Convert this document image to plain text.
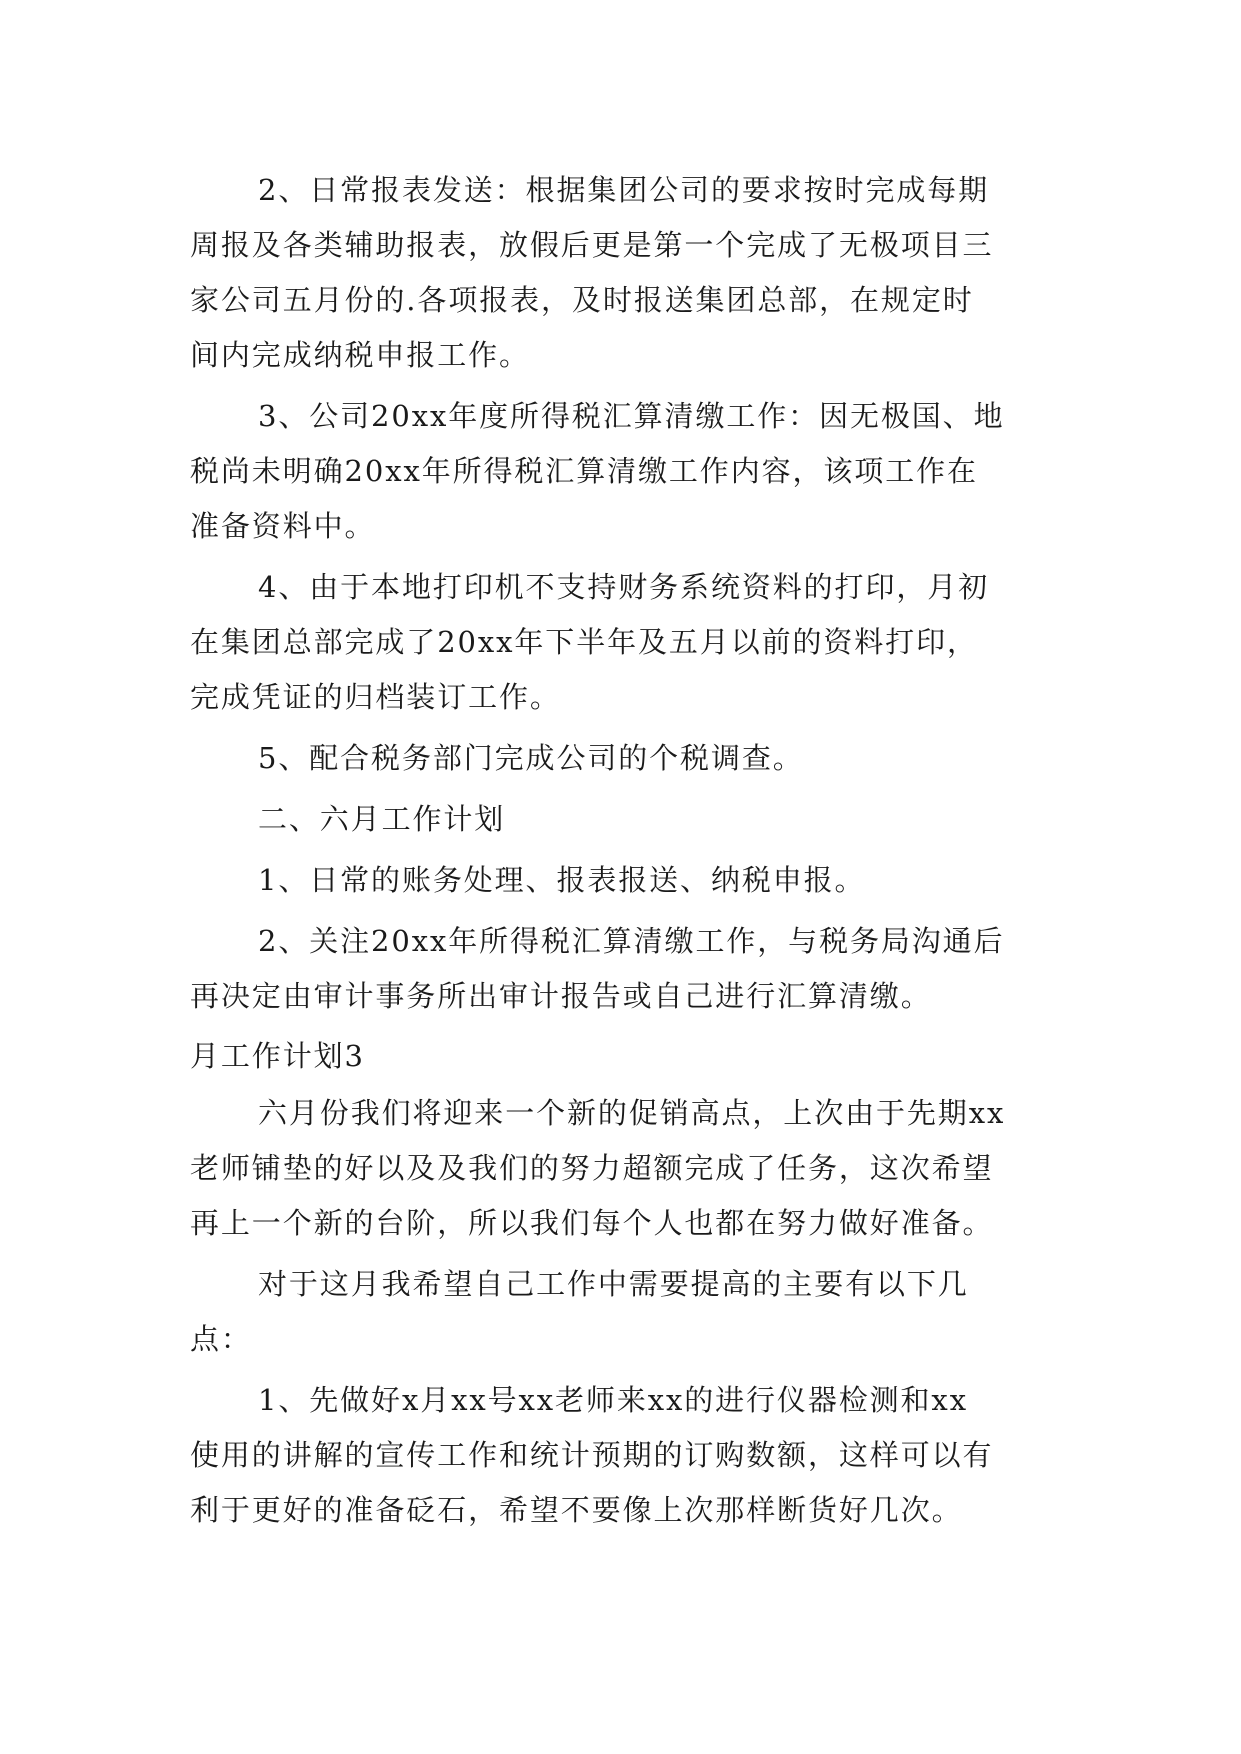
2、日常报表发送：根据集团公司的要求按时完成每期

周报及各类辅助报表，放假后更是第一个完成了无极项目三

家公司五月份的.各项报表，及时报送集团总部，在规定时

间内完成纳税申报工作。

3、公司20xx年度所得税汇算清缴工作：因无极国、地

税尚未明确20xx年所得税汇算清缴工作内容，该项工作在

准备资料中。

4、由于本地打印机不支持财务系统资料的打印，月初

在集团总部完成了20xx年下半年及五月以前的资料打印，

完成凭证的归档装订工作。

5、配合税务部门完成公司的个税调查。

二、六月工作计划

1、日常的账务处理、报表报送、纳税申报。

2、关注20xx年所得税汇算清缴工作，与税务局沟通后

再决定由审计事务所出审计报告或自己进行汇算清缴。

月工作计划3

六月份我们将迎来一个新的促销高点，上次由于先期xx

老师铺垫的好以及及我们的努力超额完成了任务，这次希望

再上一个新的台阶，所以我们每个人也都在努力做好准备。

对于这月我希望自己工作中需要提高的主要有以下几

点：

1、先做好x月xx号xx老师来xx的进行仪器检测和xx

使用的讲解的宣传工作和统计预期的订购数额，这样可以有

利于更好的准备砭石，希望不要像上次那样断货好几次。
